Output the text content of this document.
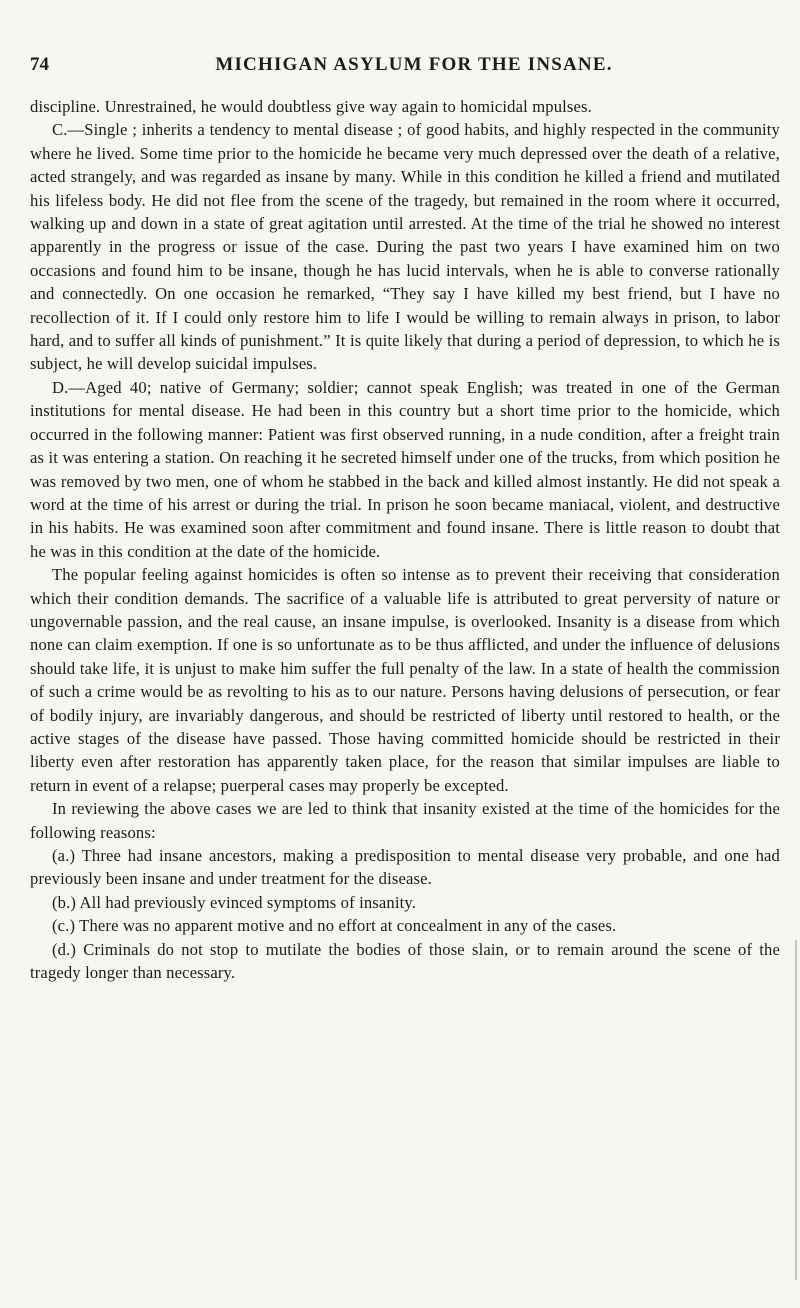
74	MICHIGAN ASYLUM FOR THE INSANE.

discipline. Unrestrained, he would doubtless give way again to homicidal mpulses.

C.—Single ; inherits a tendency to mental disease ; of good habits, and highly respected in the community where he lived. Some time prior to the homicide he became very much depressed over the death of a relative, acted strangely, and was regarded as insane by many. While in this condition he killed a friend and mutilated his lifeless body. He did not flee from the scene of the tragedy, but remained in the room where it occurred, walking up and down in a state of great agitation until arrested. At the time of the trial he showed no interest apparently in the progress or issue of the case. During the past two years I have examined him on two occasions and found him to be insane, though he has lucid intervals, when he is able to converse rationally and connectedly. On one occasion he remarked, “They say I have killed my best friend, but I have no recollection of it. If I could only restore him to life I would be willing to remain always in prison, to labor hard, and to suffer all kinds of punishment.” It is quite likely that during a period of depression, to which he is subject, he will develop suicidal impulses.

D.—Aged 40; native of Germany; soldier; cannot speak English; was treated in one of the German institutions for mental disease. He had been in this country but a short time prior to the homicide, which occurred in the following manner: Patient was first observed running, in a nude condition, after a freight train as it was entering a station. On reaching it he secreted himself under one of the trucks, from which position he was removed by two men, one of whom he stabbed in the back and killed almost instantly. He did not speak a word at the time of his arrest or during the trial. In prison he soon became maniacal, violent, and destructive in his habits. He was examined soon after commitment and found insane. There is little reason to doubt that he was in this condition at the date of the homicide.

The popular feeling against homicides is often so intense as to prevent their receiving that consideration which their condition demands. The sacrifice of a valuable life is attributed to great perversity of nature or ungovernable passion, and the real cause, an insane impulse, is overlooked. Insanity is a disease from which none can claim exemption. If one is so unfortunate as to be thus afflicted, and under the influence of delusions should take life, it is unjust to make him suffer the full penalty of the law. In a state of health the commission of such a crime would be as revolting to his as to our nature. Persons having delusions of persecution, or fear of bodily injury, are invariably dangerous, and should be restricted of liberty until restored to health, or the active stages of the disease have passed. Those having committed homicide should be restricted in their liberty even after restoration has apparently taken place, for the reason that similar impulses are liable to return in event of a relapse; puerperal cases may properly be excepted.

In reviewing the above cases we are led to think that insanity existed at the time of the homicides for the following reasons:

(a.) Three had insane ancestors, making a predisposition to mental disease very probable, and one had previously been insane and under treatment for the disease.

(b.) All had previously evinced symptoms of insanity.

(c.) There was no apparent motive and no effort at concealment in any of the cases.

(d.) Criminals do not stop to mutilate the bodies of those slain, or to remain around the scene of the tragedy longer than necessary.
